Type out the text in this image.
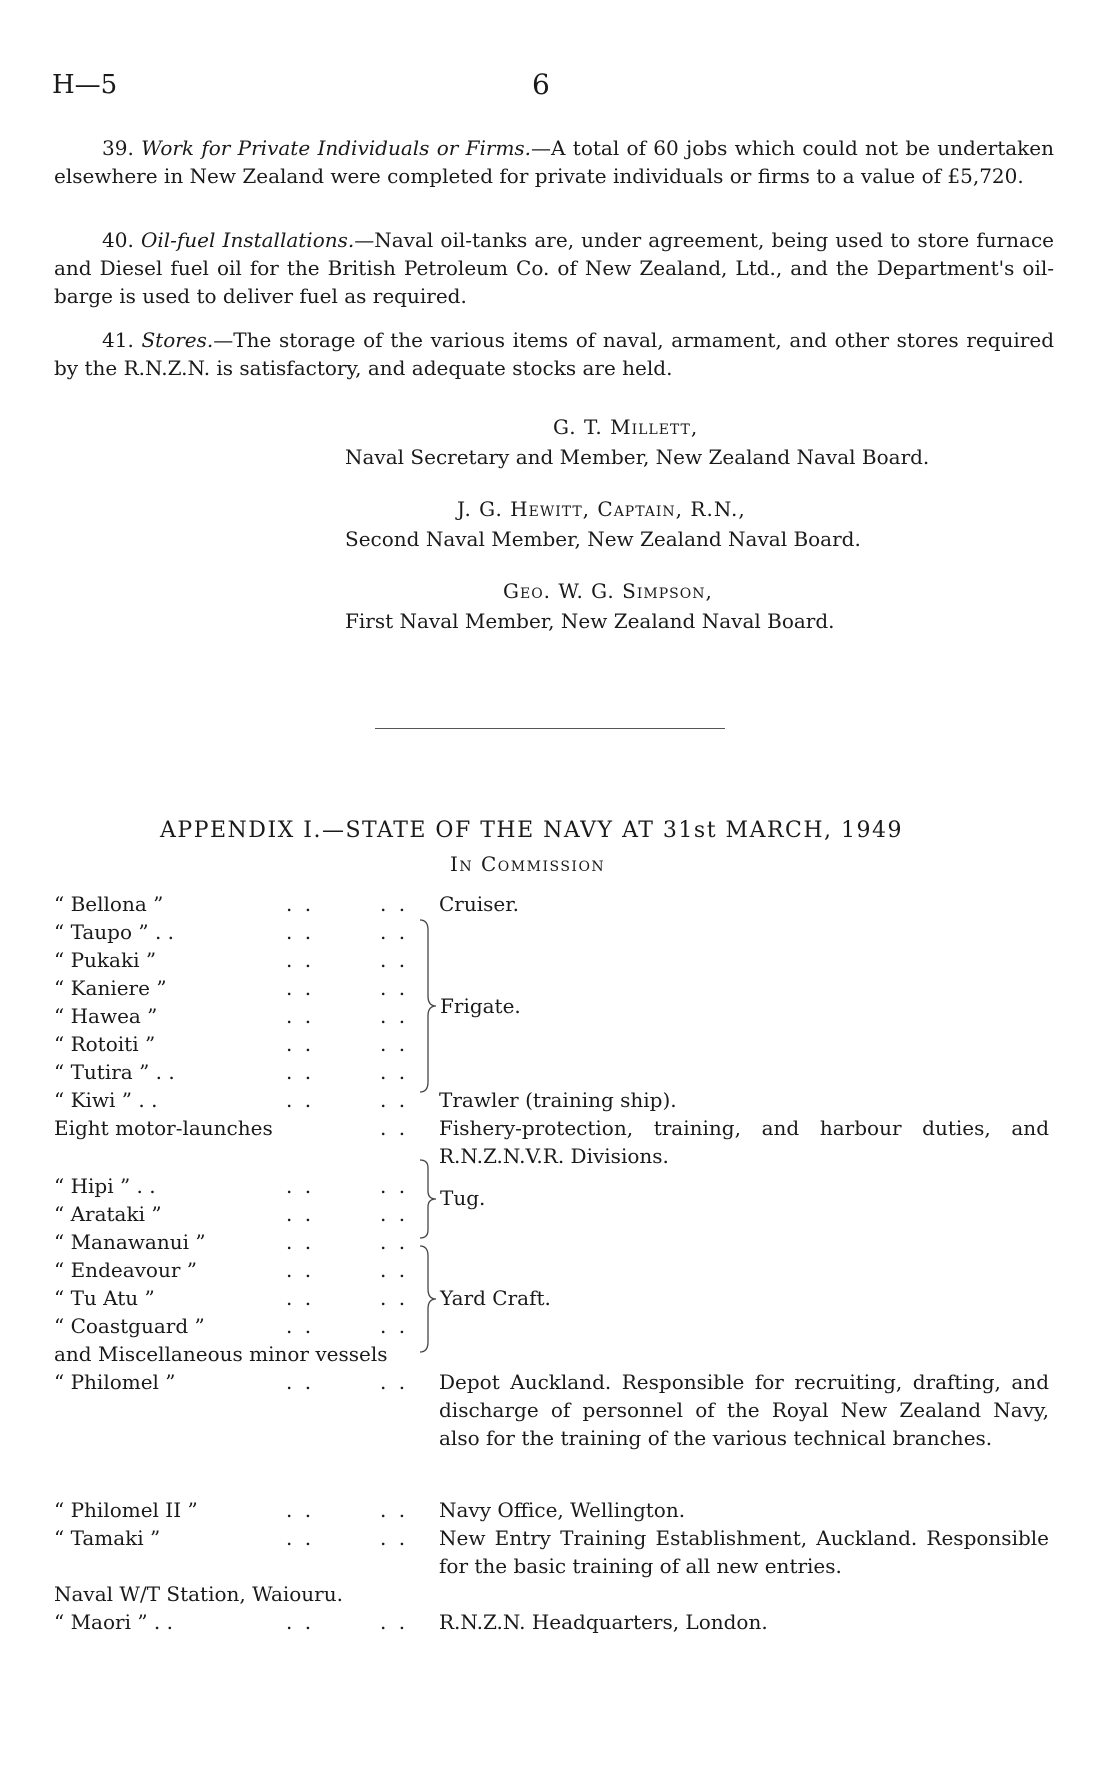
H—5	6

39. Work for Private Individuals or Firms.—A total of 60 jobs which could not be undertaken elsewhere in New Zealand were completed for private individuals or firms to a value of £5,720.

40. Oil-fuel Installations.—Naval oil-tanks are, under agreement, being used to store furnace and Diesel fuel oil for the British Petroleum Co. of New Zealand, Ltd., and the Department's oil-barge is used to deliver fuel as required.

41. Stores.—The storage of the various items of naval, armament, and other stores required by the R.N.Z.N. is satisfactory, and adequate stocks are held.

G. T. Millett,
Naval Secretary and Member, New Zealand Naval Board.
J. G. Hewitt, Captain, R.N.,
Second Naval Member, New Zealand Naval Board.
Geo. W. G. Simpson,
First Naval Member, New Zealand Naval Board.
APPENDIX I.—STATE OF THE NAVY AT 31st MARCH, 1949
In Commission
“ Bellona ”	. .	. . Cruiser.
“ Taupo ” . .	. .	. .
“ Pukaki ”	. .	. .
“ Kaniere ”	. .	. .
“ Hawea ”	. .	. .
“ Rotoiti ”	. .	. .
“ Tutira ” . .	. .	. .
“ Kiwi ” . .	. .	. . Trawler (training ship).
Eight motor-launches	. . Fishery-protection, training, and harbour duties, and R.N.Z.N.V.R. Divisions.
“ Hipi ” . .	. .	. .
“ Arataki ”	. .	. .
“ Manawanui ”	. .	. .
“ Endeavour ”	. .	. .
“ Tu Atu ”	. .	. .
“ Coastguard ”	. .	. .
and Miscellaneous minor vessels
“ Philomel ”	. .	. . Depot Auckland. Responsible for recruiting, drafting, and discharge of personnel of the Royal New Zealand Navy, also for the training of the various technical branches.
“ Philomel II ”	. .	. . Navy Office, Wellington.
“ Tamaki ”	. .	. . New Entry Training Establishment, Auckland. Responsible for the basic training of all new entries.
Naval W/T Station, Waiouru.
“ Maori ” . .	. .	. . R.N.Z.N. Headquarters, London.
Frigate.
Tug.
Yard Craft.
